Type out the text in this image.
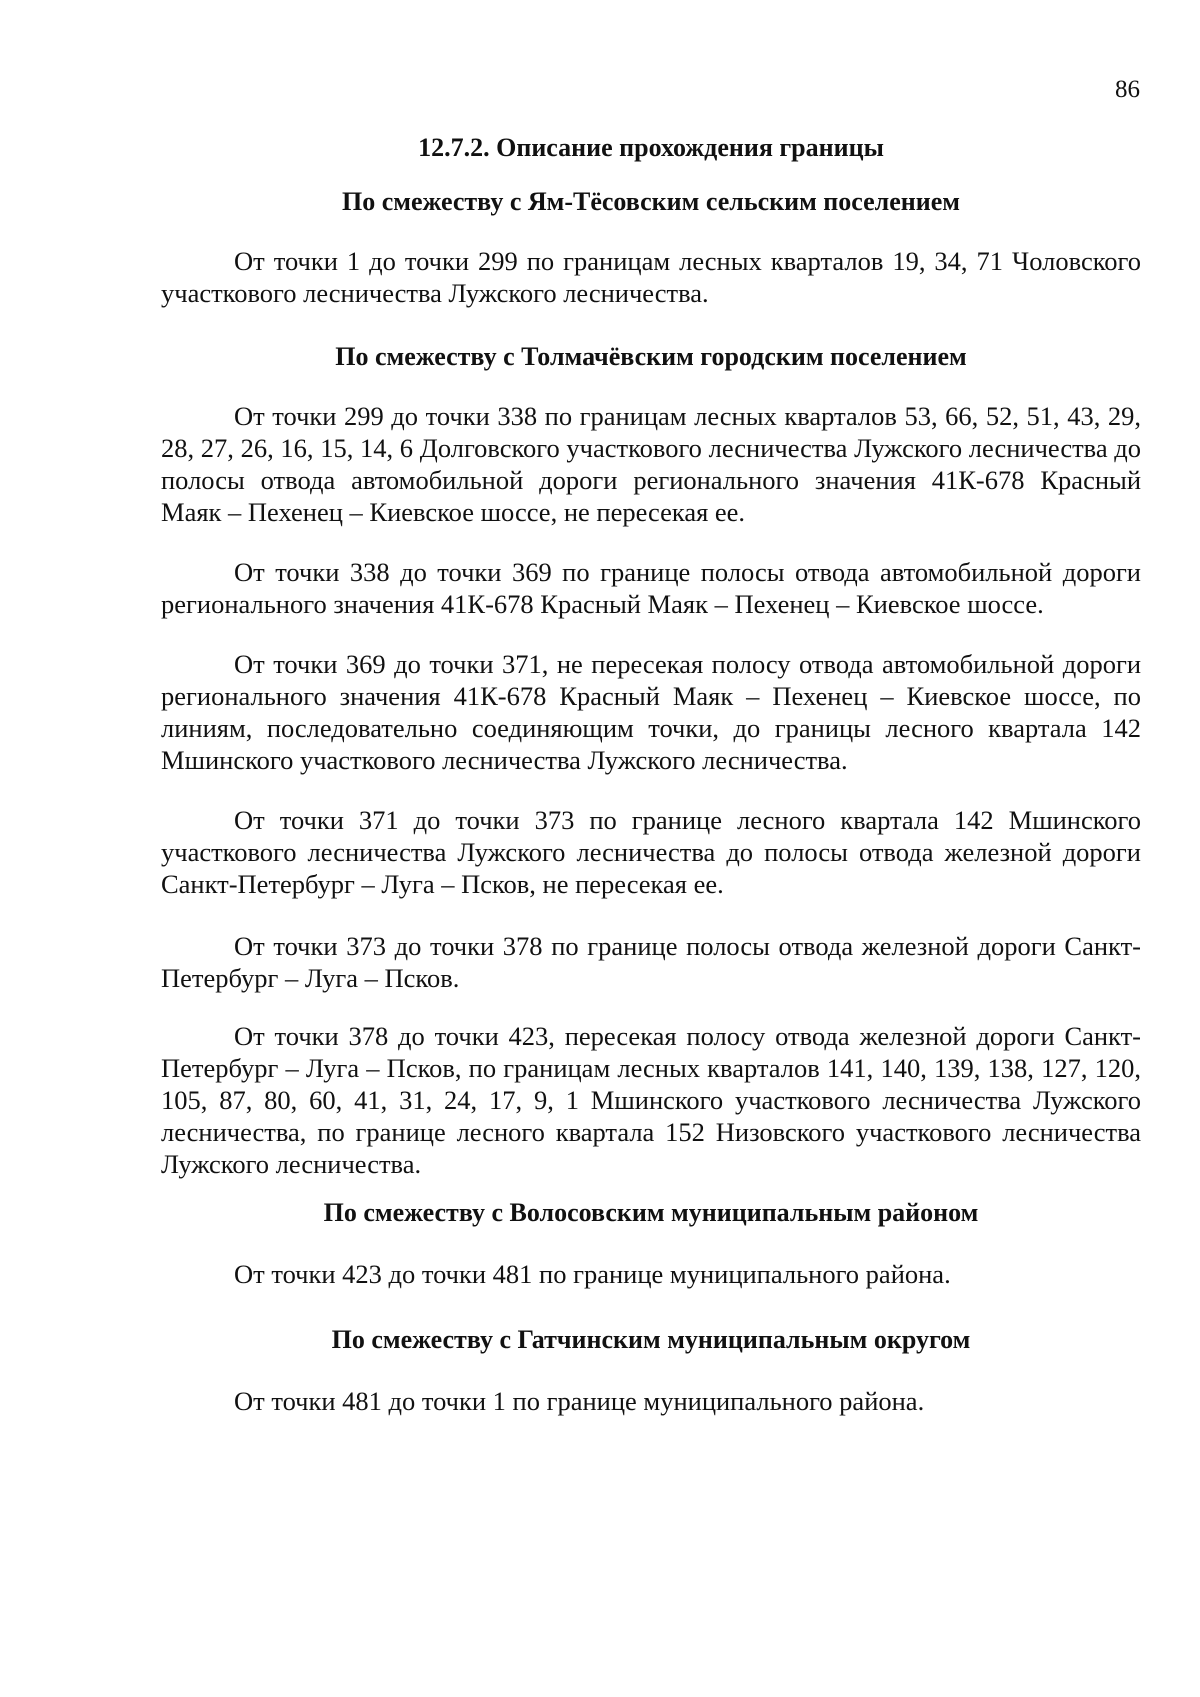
86
12.7.2. Описание прохождения границы
По смежеству с Ям-Тёсовским сельским поселением

От точки 1 до точки 299 по границам лесных кварталов 19, 34, 71 Чоловского участкового лесничества Лужского лесничества.

По смежеству с Толмачёвским городским поселением

От точки 299 до точки 338 по границам лесных кварталов 53, 66, 52, 51, 43, 29, 28, 27, 26, 16, 15, 14, 6 Долговского участкового лесничества Лужского лесничества до полосы отвода автомобильной дороги регионального значения 41К-678 Красный Маяк – Пехенец – Киевское шоссе, не пересекая ее.

От точки 338 до точки 369 по границе полосы отвода автомобильной дороги регионального значения 41К-678 Красный Маяк – Пехенец – Киевское шоссе.

От точки 369 до точки 371, не пересекая полосу отвода автомобильной дороги регионального значения 41К-678 Красный Маяк – Пехенец – Киевское шоссе, по линиям, последовательно соединяющим точки, до границы лесного квартала 142 Мшинского участкового лесничества Лужского лесничества.

От точки 371 до точки 373 по границе лесного квартала 142 Мшинского участкового лесничества Лужского лесничества до полосы отвода железной дороги Санкт-Петербург – Луга – Псков, не пересекая ее.

От точки 373 до точки 378 по границе полосы отвода железной дороги Санкт-Петербург – Луга – Псков.

От точки 378 до точки 423, пересекая полосу отвода железной дороги Санкт-Петербург – Луга – Псков, по границам лесных кварталов 141, 140, 139, 138, 127, 120, 105, 87, 80, 60, 41, 31, 24, 17, 9, 1 Мшинского участкового лесничества Лужского лесничества, по границе лесного квартала 152 Низовского участкового лесничества Лужского лесничества.

По смежеству с Волосовским муниципальным районом

От точки 423 до точки 481 по границе муниципального района.

По смежеству с Гатчинским муниципальным округом

От точки 481 до точки 1 по границе муниципального района.
